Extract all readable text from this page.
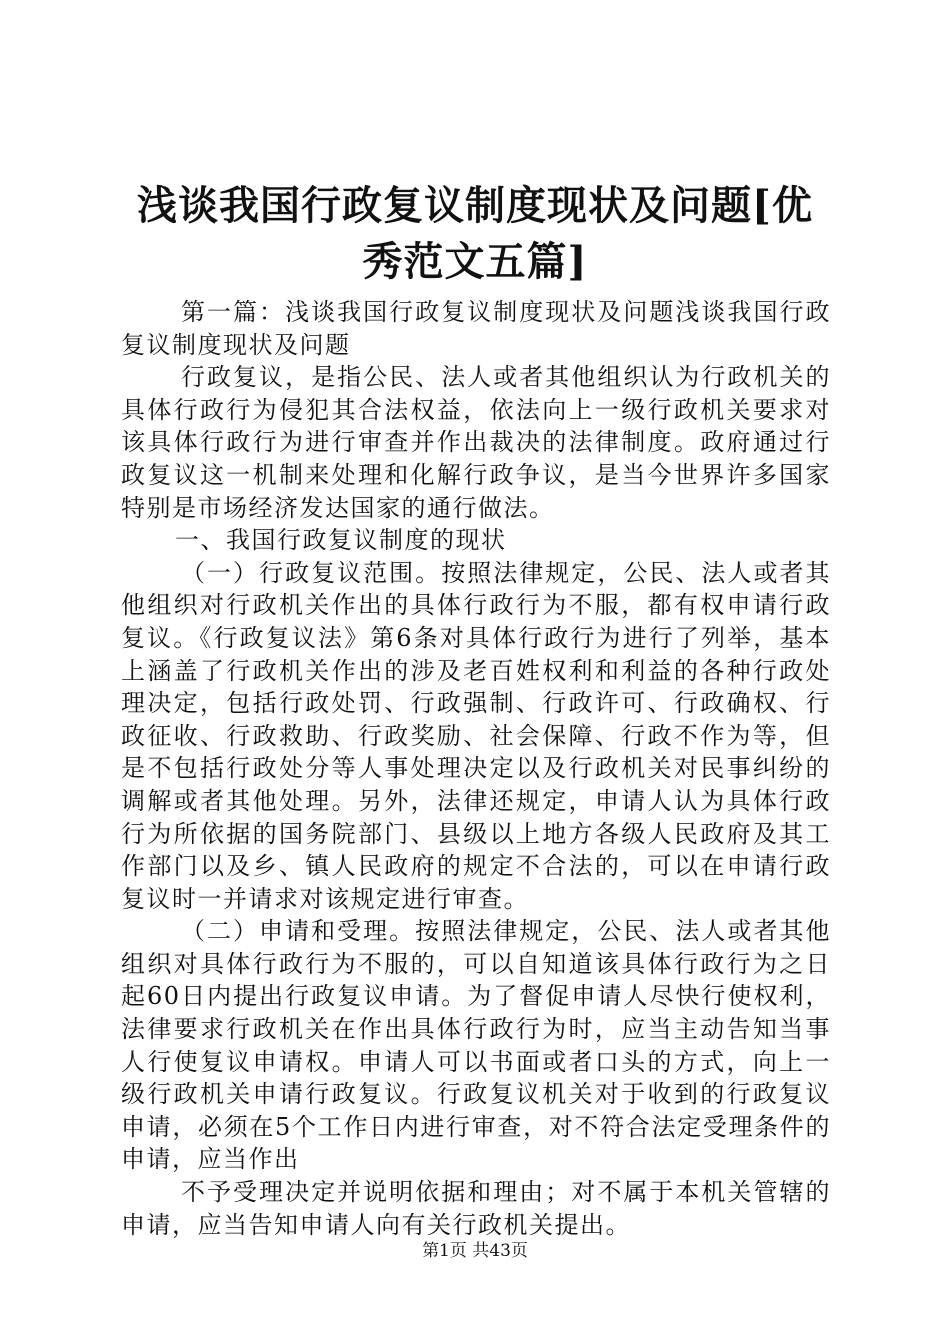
浅谈我国行政复议制度现状及问题[优秀范文五篇]

第一篇：浅谈我国行政复议制度现状及问题浅谈我国行政复议制度现状及问题

行政复议，是指公民、法人或者其他组织认为行政机关的具体行政行为侵犯其合法权益，依法向上一级行政机关要求对该具体行政行为进行审查并作出裁决的法律制度。政府通过行政复议这一机制来处理和化解行政争议，是当今世界许多国家特别是市场经济发达国家的通行做法。

一、我国行政复议制度的现状

（一）行政复议范围。按照法律规定，公民、法人或者其他组织对行政机关作出的具体行政行为不服，都有权申请行政复议。《行政复议法》第6条对具体行政行为进行了列举，基本上涵盖了行政机关作出的涉及老百姓权利和利益的各种行政处理决定，包括行政处罚、行政强制、行政许可、行政确权、行政征收、行政救助、行政奖励、社会保障、行政不作为等，但是不包括行政处分等人事处理决定以及行政机关对民事纠纷的调解或者其他处理。另外，法律还规定，申请人认为具体行政行为所依据的国务院部门、县级以上地方各级人民政府及其工作部门以及乡、镇人民政府的规定不合法的，可以在申请行政复议时一并请求对该规定进行审查。

（二）申请和受理。按照法律规定，公民、法人或者其他组织对具体行政行为不服的，可以自知道该具体行政行为之日起60日内提出行政复议申请。为了督促申请人尽快行使权利，法律要求行政机关在作出具体行政行为时，应当主动告知当事人行使复议申请权。申请人可以书面或者口头的方式，向上一级行政机关申请行政复议。行政复议机关对于收到的行政复议申请，必须在5个工作日内进行审查，对不符合法定受理条件的申请，应当作出

不予受理决定并说明依据和理由；对不属于本机关管辖的申请，应当告知申请人向有关行政机关提出。

第1页 共43页
